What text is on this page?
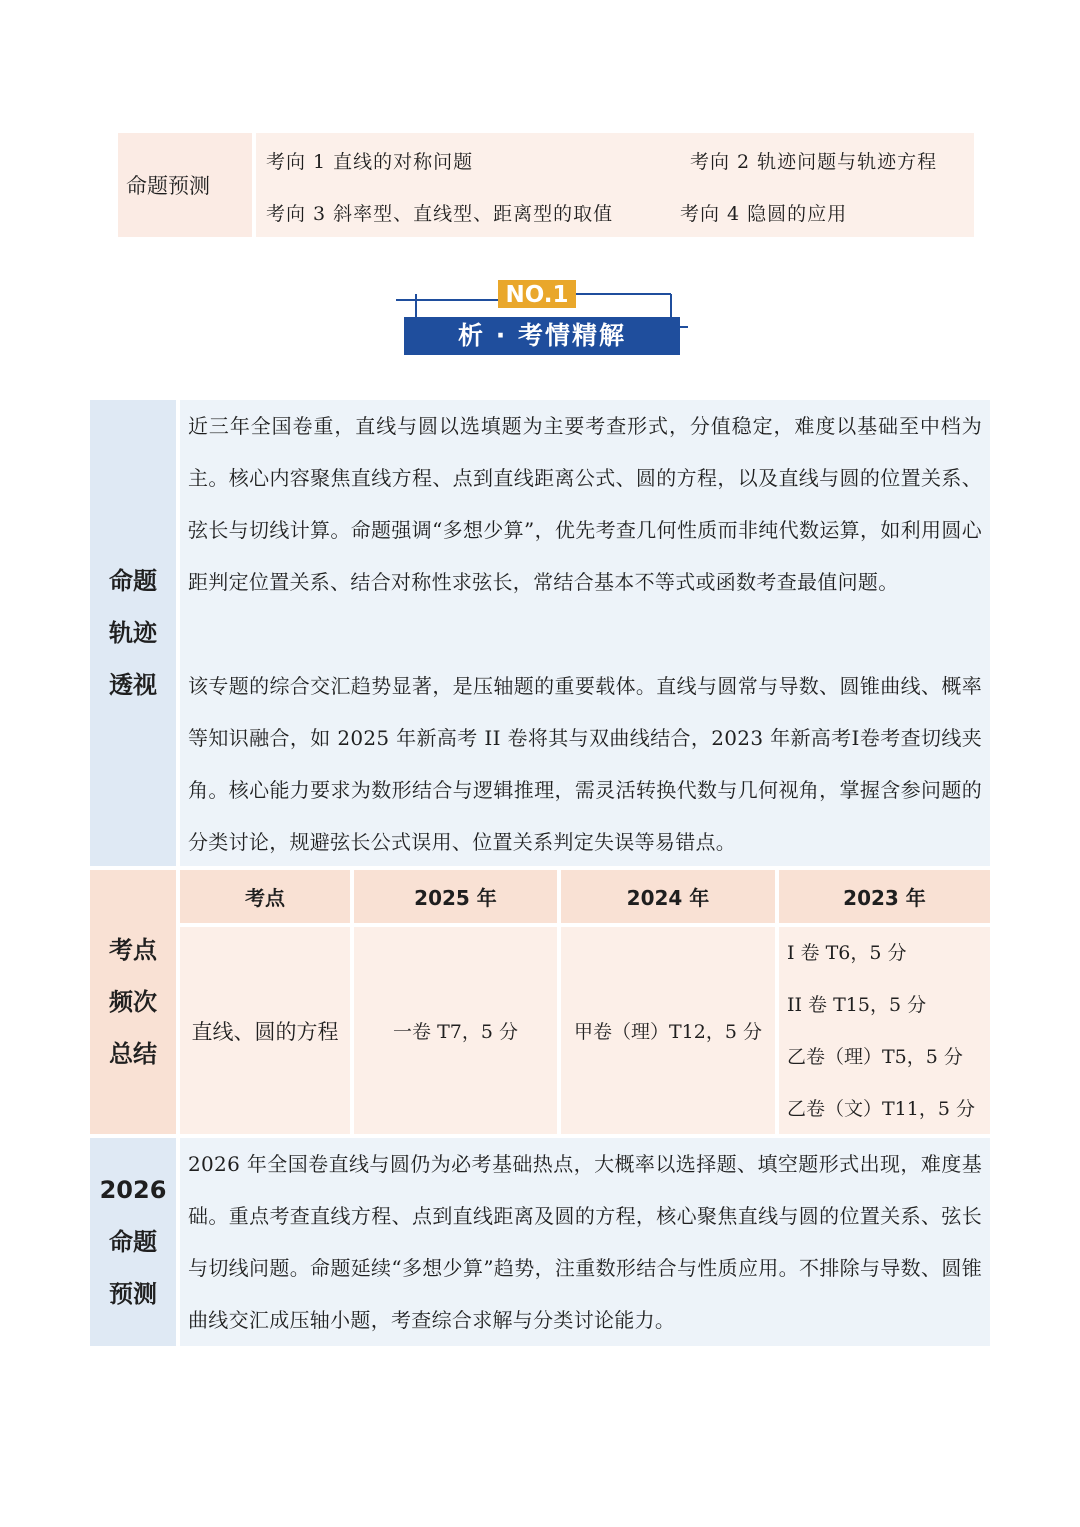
命题预测
考向 1 直线的对称问题	考向 2 轨迹问题与轨迹方程
考向 3 斜率型、直线型、距离型的取值	考向 4 隐圆的应用
NO.1
析 · 考情精解
命题
轨迹
透视
近三年全国卷重，直线与圆以选填题为主要考查形式，分值稳定，难度以基础至中档为主。核心内容聚焦直线方程、点到直线距离公式、圆的方程，以及直线与圆的位置关系、弦长与切线计算。命题强调“多想少算”，优先考查几何性质而非纯代数运算，如利用圆心距判定位置关系、结合对称性求弦长，常结合基本不等式或函数考查最值问题。
该专题的综合交汇趋势显著，是压轴题的重要载体。直线与圆常与导数、圆锥曲线、概率等知识融合，如 2025 年新高考 II 卷将其与双曲线结合，2023 年新高考I卷考查切线夹角。核心能力要求为数形结合与逻辑推理，需灵活转换代数与几何视角，掌握含参问题的分类讨论，规避弦长公式误用、位置关系判定失误等易错点。
考点
频次
总结
考点	2025 年	2024 年	2023 年
直线、圆的方程	一卷 T7，5 分	甲卷（理）T12，5 分
I 卷 T6，5 分
II 卷 T15，5 分
乙卷（理）T5，5 分
乙卷（文）T11，5 分
2026
命题
预测
2026 年全国卷直线与圆仍为必考基础热点，大概率以选择题、填空题形式出现，难度基础。重点考查直线方程、点到直线距离及圆的方程，核心聚焦直线与圆的位置关系、弦长与切线问题。命题延续“多想少算”趋势，注重数形结合与性质应用。不排除与导数、圆锥曲线交汇成压轴小题，考查综合求解与分类讨论能力。
